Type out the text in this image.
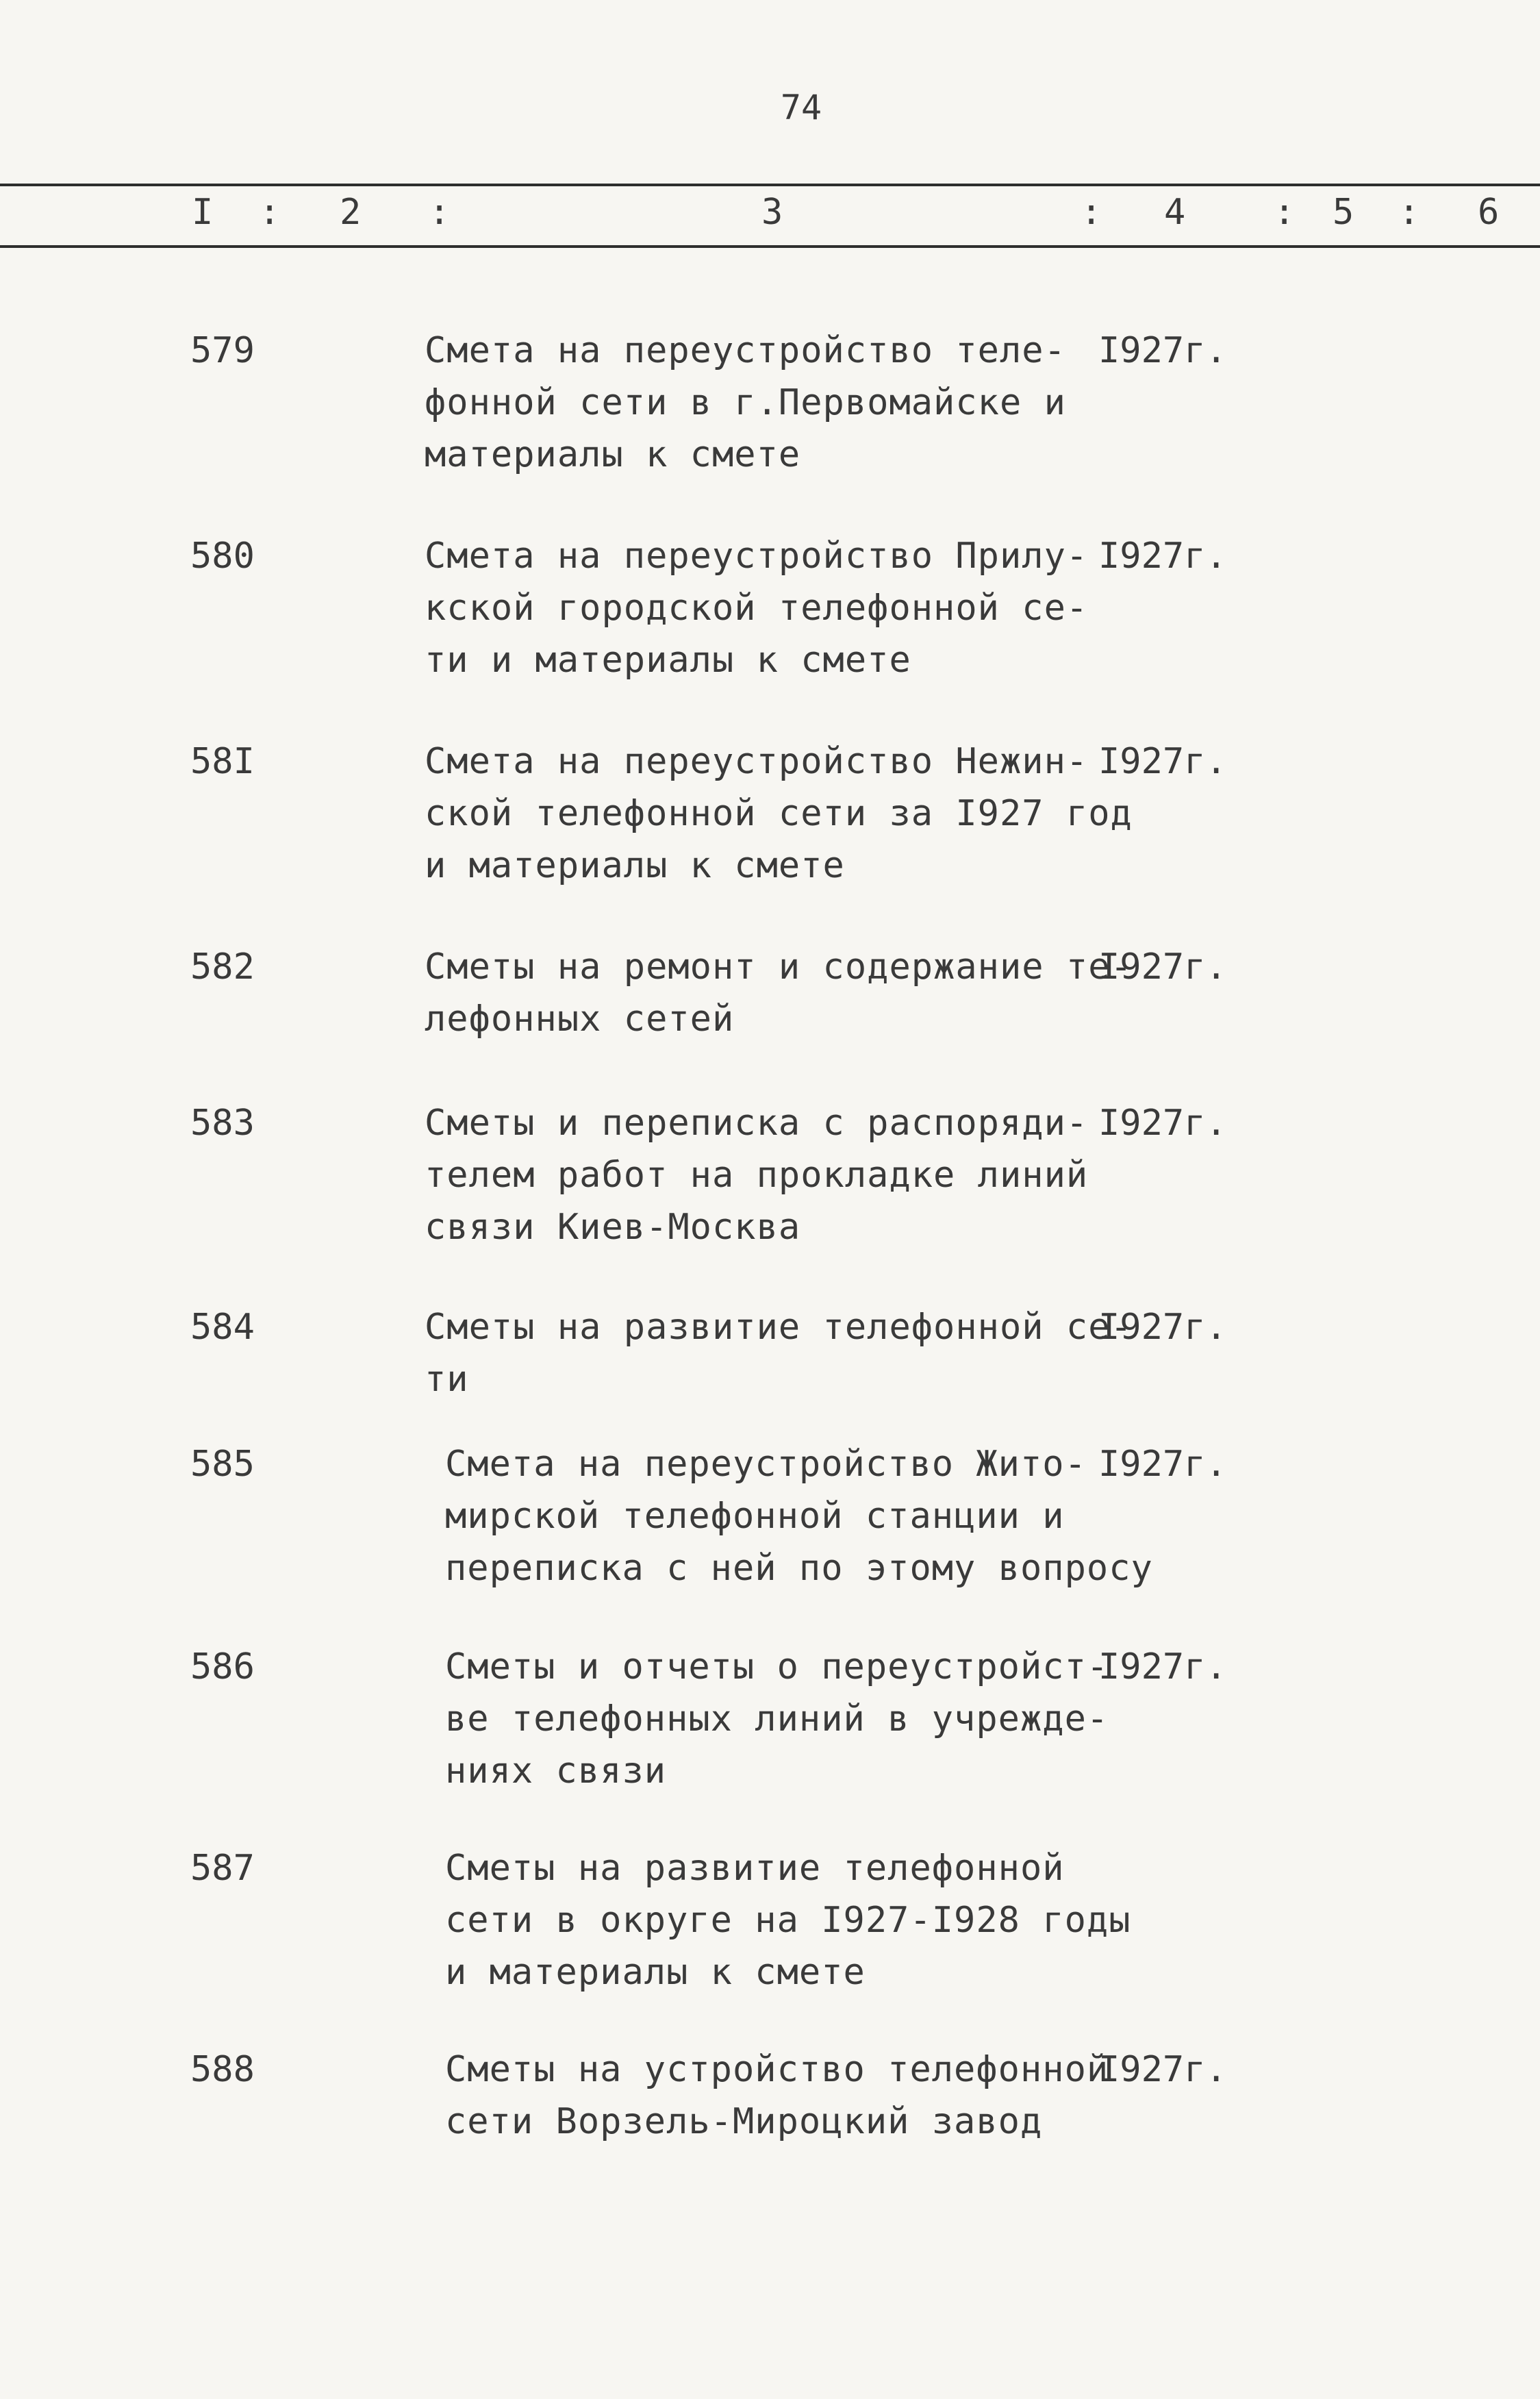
74
I : 2 :	3	: 4 : 5 : 6
579	Смета на переустройство теле-
фонной сети в г.Первомайске и
материалы к смете
I927г.
580	Смета на переустройство Прилу-
кской городской телефонной се-
ти и материалы к смете
I927г.
58I	Смета на переустройство Нежин-
ской телефонной сети за I927 год
и материалы к смете
I927г.
582	Сметы на ремонт и содержание те-
лефонных сетей
I927г.
583	Сметы и переписка с распоряди-
телем работ на прокладке линий
связи Киев-Москва
I927г.
584	Сметы на развитие телефонной се-
ти
I927г.
585	Смета на переустройство Жито-
мирской телефонной станции и
переписка с ней по этому вопросу
I927г.
586	Сметы и отчеты о переустройст-
ве телефонных линий в учрежде-
ниях связи
I927г.
587	Сметы на развитие телефонной
сети в округе на I927-I928 годы
и материалы к смете
588	Сметы на устройство телефонной
сети Ворзель-Мироцкий завод
I927г.
